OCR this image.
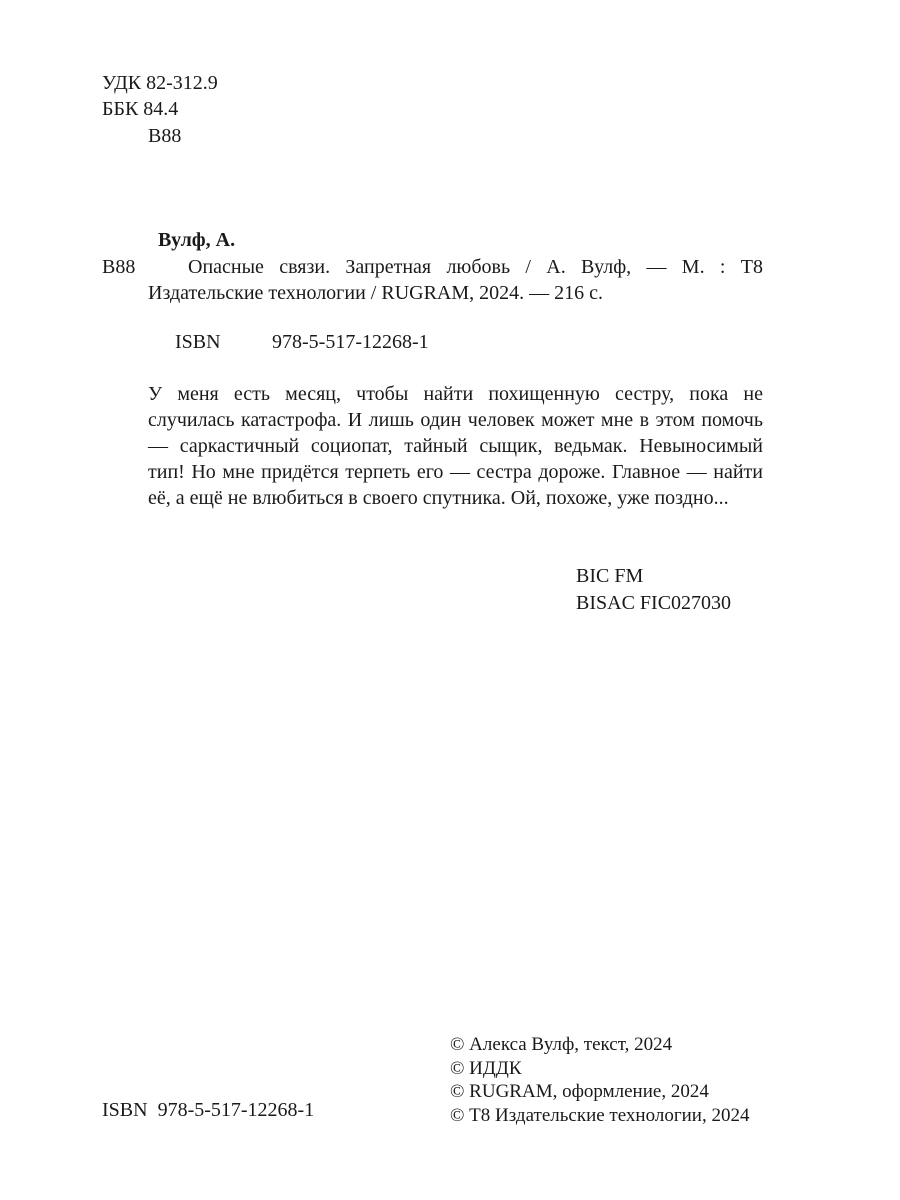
УДК 82-312.9
ББК 84.4
В88
Вулф, А.
В88	Опасные связи. Запретная любовь / А. Вулф, — М. : Т8
Издательские технологии / RUGRAM, 2024. — 216 с.
ISBN	978-5-517-12268-1
У меня есть месяц, чтобы найти похищенную сестру, пока не случилась катастрофа. И лишь один человек может мне в этом помочь — саркастичный социопат, тайный сыщик, ведьмак. Невыносимый тип! Но мне придётся терпеть его — сестра дороже. Главное — найти её, а ещё не влюбиться в своего спутника. Ой, похоже, уже поздно...
BIC FM
BISAC FIC027030
© Алекса Вулф, текст, 2024
© ИДДК
© RUGRAM, оформление, 2024
© Т8 Издательские технологии, 2024
ISBN  978-5-517-12268-1
